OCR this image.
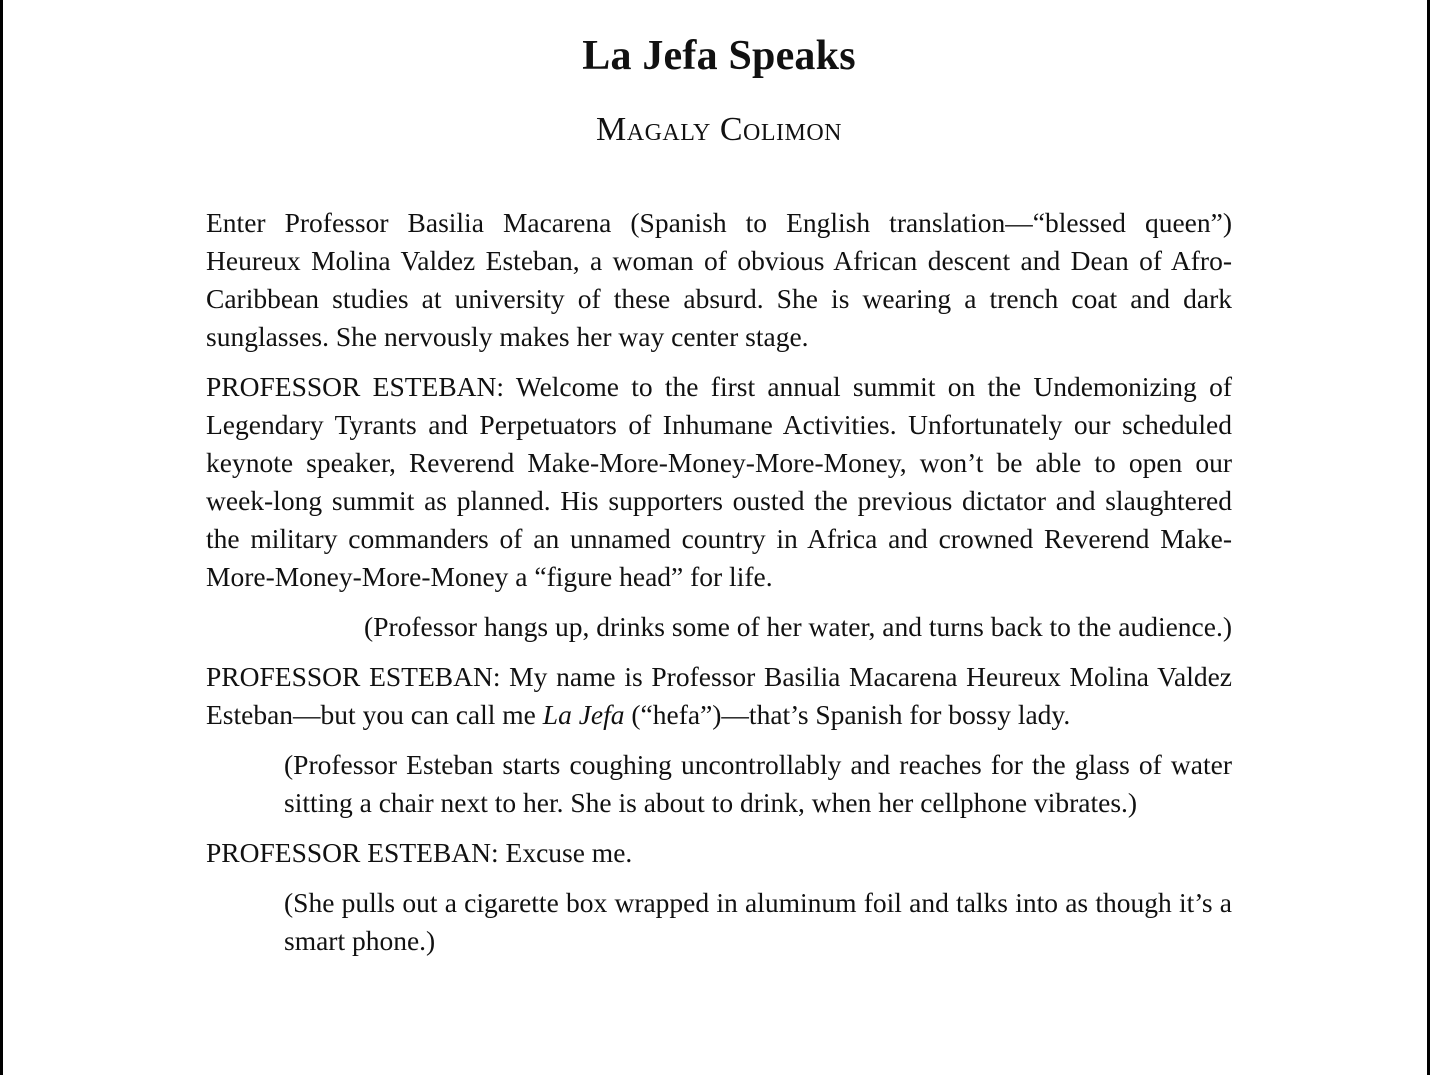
La Jefa Speaks
Magaly Colimon

Enter Professor Basilia Macarena (Spanish to English translation—“blessed queen”) Heureux Molina Valdez Esteban, a woman of obvious African descent and Dean of Afro-Caribbean studies at university of these absurd. She is wearing a trench coat and dark sunglasses. She nervously makes her way center stage.

PROFESSOR ESTEBAN: Welcome to the first annual summit on the Undemonizing of Legendary Tyrants and Perpetuators of Inhumane Activities. Unfortunately our scheduled keynote speaker, Reverend Make-More-Money-More-Money, won’t be able to open our week-long summit as planned. His supporters ousted the previous dictator and slaughtered the military commanders of an unnamed country in Africa and crowned Reverend Make-More-Money-More-Money a “figure head” for life.

(Professor hangs up, drinks some of her water, and turns back to the audience.)

PROFESSOR ESTEBAN: My name is Professor Basilia Macarena Heureux Molina Valdez Esteban—but you can call me La Jefa (“hefa”)—that’s Spanish for bossy lady.

(Professor Esteban starts coughing uncontrollably and reaches for the glass of water sitting a chair next to her. She is about to drink, when her cellphone vibrates.)

PROFESSOR ESTEBAN: Excuse me.

(She pulls out a cigarette box wrapped in aluminum foil and talks into as though it’s a smart phone.)
